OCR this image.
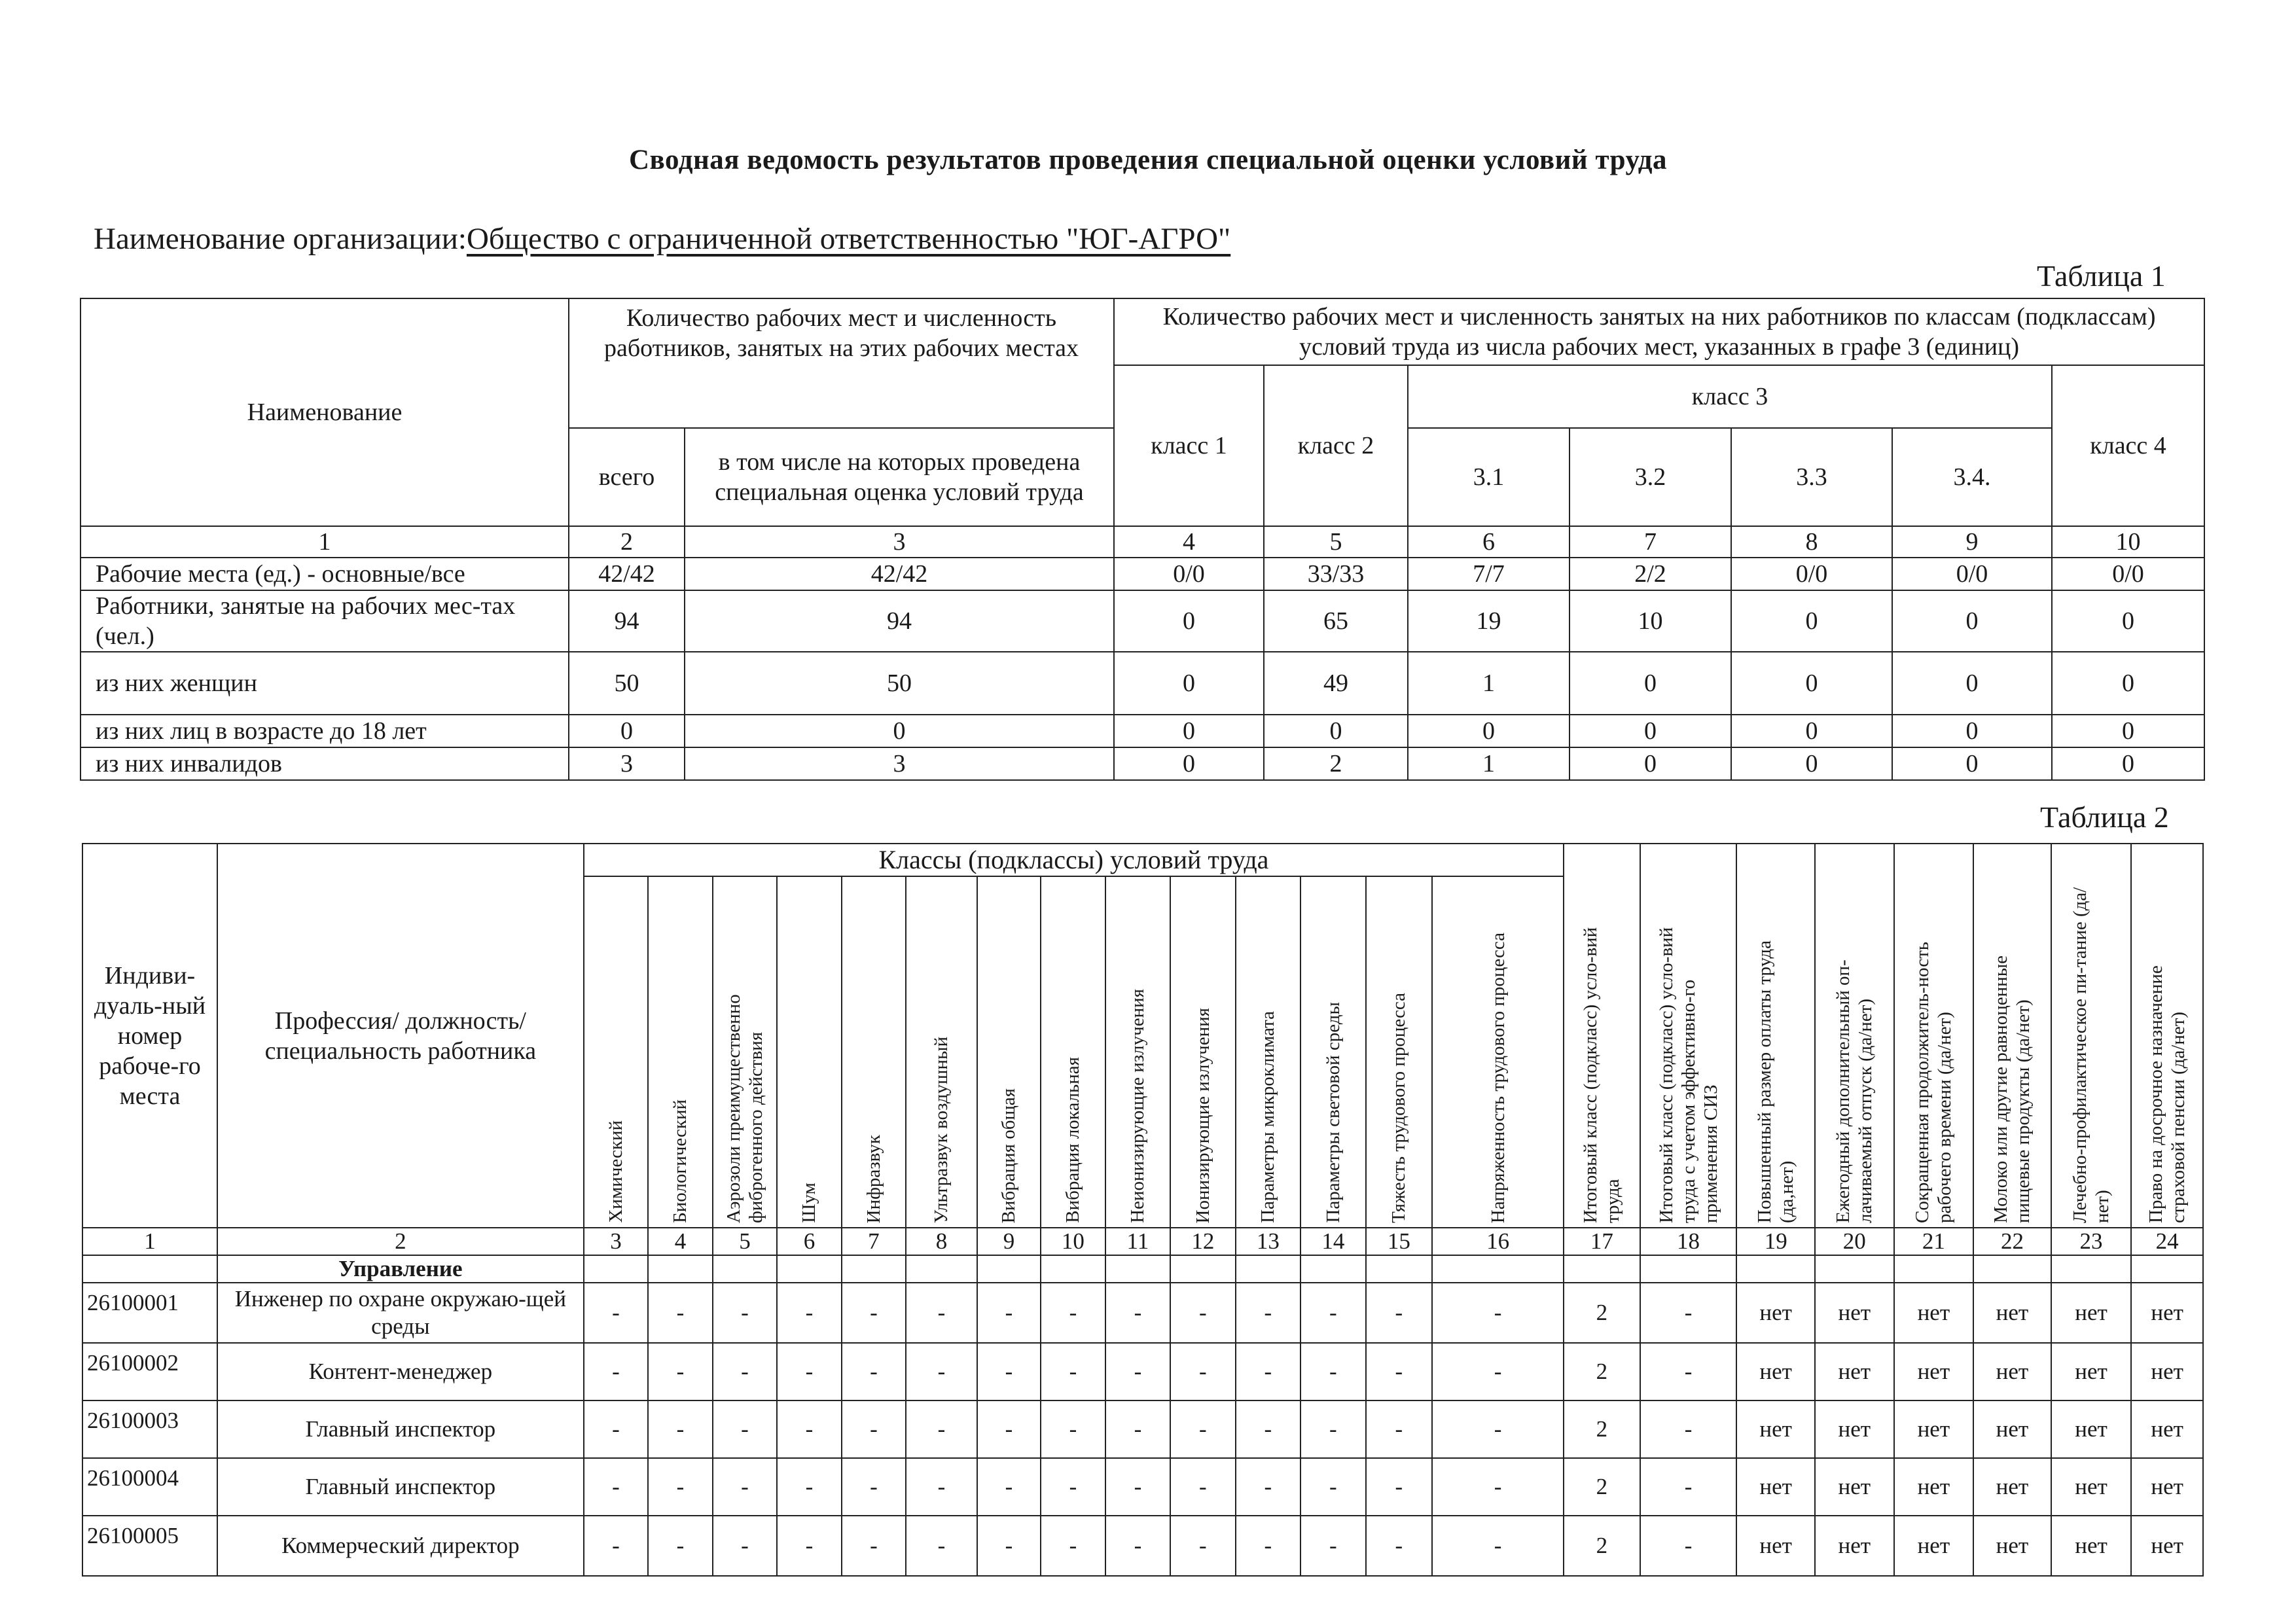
Сводная ведомость результатов проведения специальной оценки условий труда
Наименование организации:Общество с ограниченной ответственностью "ЮГ-АГРО"
Таблица 1
Наименование	Количество рабочих мест и численность работников, занятых на этих рабочих местах		Количество рабочих мест и численность занятых на них работников по классам (подклассам) условий труда из числа рабочих мест, указанных в графе 3 (единиц)						
			класс 1	класс 2	класс 3				класс 4
	всего	в том числе на которых проведена специальная оценка условий труда			3.1	3.2	3.3	3.4.	
1	2	3	4	5	6	7	8	9	10
Рабочие места (ед.) - основные/все	42/42	42/42	0/0	33/33	7/7	2/2	0/0	0/0	0/0
Работники, занятые на рабочих мес-тах (чел.)	94	94	0	65	19	10	0	0	0
из них женщин	50	50	0	49	1	0	0	0	0
из них лиц в возрасте до 18 лет	0	0	0	0	0	0	0	0	0
из них инвалидов	3	3	0	2	1	0	0	0	0
Таблица 2
Индиви-дуаль-ный номер рабоче-го места	Профессия/ должность/ специальность работника	Классы (подклассы) условий труда														Итоговый класс (подкласс) усло-вий труда	Итоговый класс (подкласс) усло-вий труда с учетом эффективно-го применения СИЗ	Повышенный размер оплаты труда (да,нет)	Ежегодный дополнительный оп-лачиваемый отпуск (да/нет)	Сокращенная продолжитель-ность рабочего времени (да/нет)	Молоко или другие равноценные пищевые продукты (да/нет)	Лечебно-профилактическое пи-тание (да/нет)	Право на досрочное назначение страховой пенсии (да/нет)

		Химический	Биологический	Аэрозоли преимущественно фиброгенного действия	Шум	Инфразвук	Ультразвук воздушный	Вибрация общая	Вибрация локальная	Неионизирующие излучения	Ионизирующие излучения	Параметры микроклимата	Параметры световой среды	Тяжесть трудового процесса	Напряженность трудового процесса								

1	2	3	4	5	6	7	8	9	10	11	12	13	14	15	16	17	18	19	20	21	22	23	24
	Управление																						
26100001	Инженер по охране окружаю-щей среды	-	-	-	-	-	-	-	-	-	-	-	-	-	-	2	-	нет	нет	нет	нет	нет	нет
26100002	Контент-менеджер	-	-	-	-	-	-	-	-	-	-	-	-	-	-	2	-	нет	нет	нет	нет	нет	нет
26100003	Главный инспектор	-	-	-	-	-	-	-	-	-	-	-	-	-	-	2	-	нет	нет	нет	нет	нет	нет
26100004	Главный инспектор	-	-	-	-	-	-	-	-	-	-	-	-	-	-	2	-	нет	нет	нет	нет	нет	нет
26100005	Коммерческий директор	-	-	-	-	-	-	-	-	-	-	-	-	-	-	2	-	нет	нет	нет	нет	нет	нет
